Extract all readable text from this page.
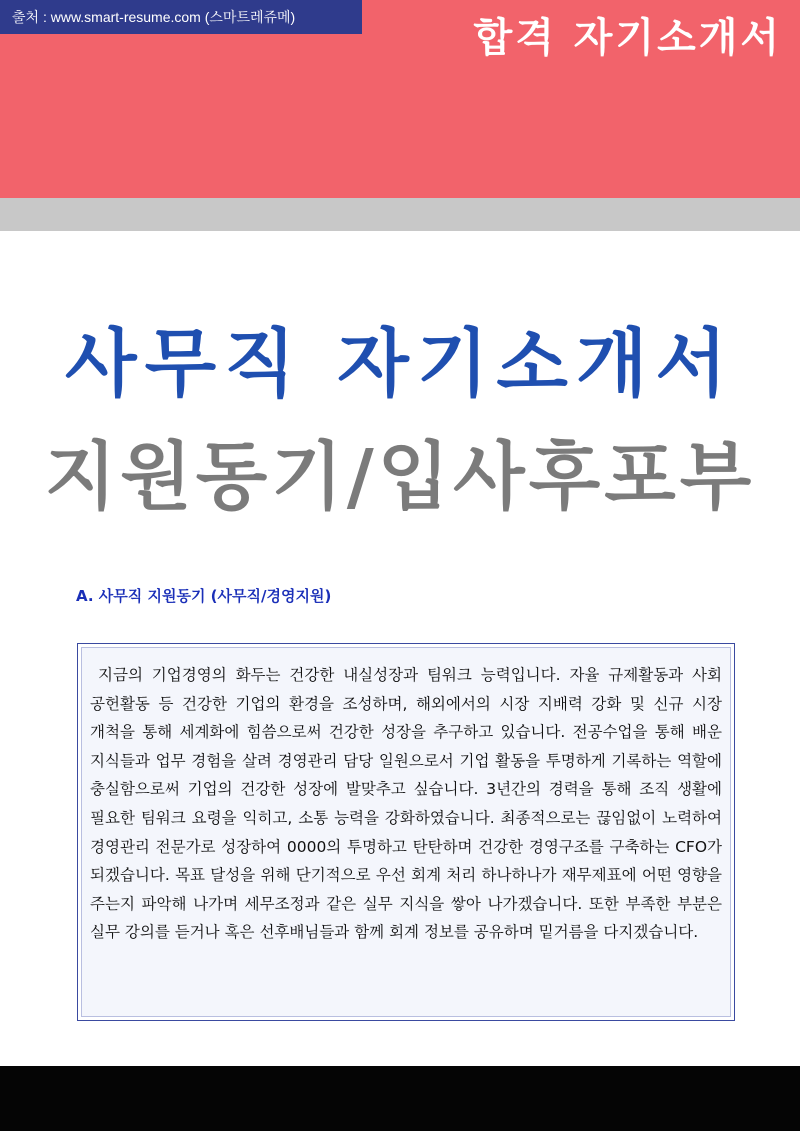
출처 : www.smart-resume.com (스마트레쥬메)	합격 자기소개서
사무직 자기소개서
지원동기/입사후포부
A. 사무직 지원동기 (사무직/경영지원)

지금의 기업경영의 화두는 건강한 내실성장과 팀워크 능력입니다. 자율 규제활동과 사회 공헌활동 등 건강한 기업의 환경을 조성하며, 해외에서의 시장 지배력 강화 및 신규 시장 개척을 통해 세계화에 힘씀으로써 건강한 성장을 추구하고 있습니다. 전공수업을 통해 배운 지식들과 업무 경험을 살려 경영관리 담당 일원으로서 기업 활동을 투명하게 기록하는 역할에 충실함으로써 기업의 건강한 성장에 발맞추고 싶습니다. 3년간의 경력을 통해 조직 생활에 필요한 팀워크 요령을 익히고, 소통 능력을 강화하였습니다. 최종적으로는 끊임없이 노력하여 경영관리 전문가로 성장하여 0000의 투명하고 탄탄하며 건강한 경영구조를 구축하는 CFO가 되겠습니다. 목표 달성을 위해 단기적으로 우선 회계 처리 하나하나가 재무제표에 어떤 영향을 주는지 파악해 나가며 세무조정과 같은 실무 지식을 쌓아 나가겠습니다. 또한 부족한 부분은 실무 강의를 듣거나 혹은 선후배님들과 함께 회계 정보를 공유하며 밑거름을 다지겠습니다.
